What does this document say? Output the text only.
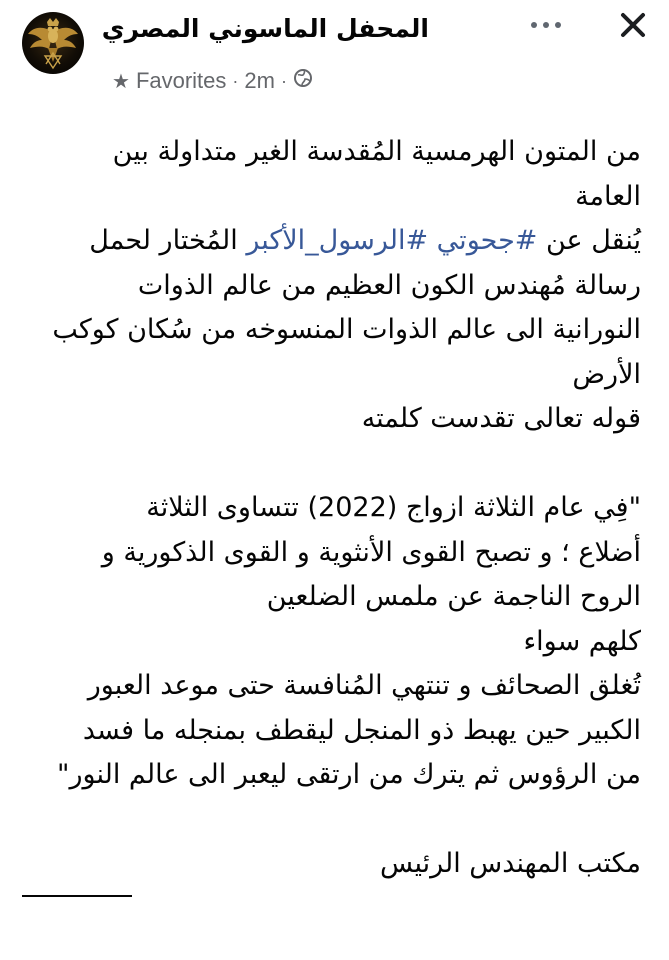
المحفل الماسوني المصري
★ Favorites · 2m ·
من المتون الهرمسية المُقدسة الغير متداولة بين
العامة
يُنقل عن #جحوتي #الرسول_الأكبر المُختار لحمل
رسالة مُهندس الكون العظيم من عالم الذوات
النورانية الى عالم الذوات المنسوخه من سُكان كوكب
الأرض
قوله تعالى تقدست كلمته
"فِي عام الثلاثة ازواج (2022) تتساوى الثلاثة
أضلاع ؛ و تصبح القوى الأنثوية و القوى الذكورية و
الروح الناجمة عن ملمس الضلعين
كلهم سواء
تُغلق الصحائف و تنتهي المُنافسة حتى موعد العبور
الكبير حين يهبط ذو المنجل ليقطف بمنجله ما فسد
من الرؤوس ثم يترك من ارتقى ليعبر الى عالم النور"
مكتب المهندس الرئيس
